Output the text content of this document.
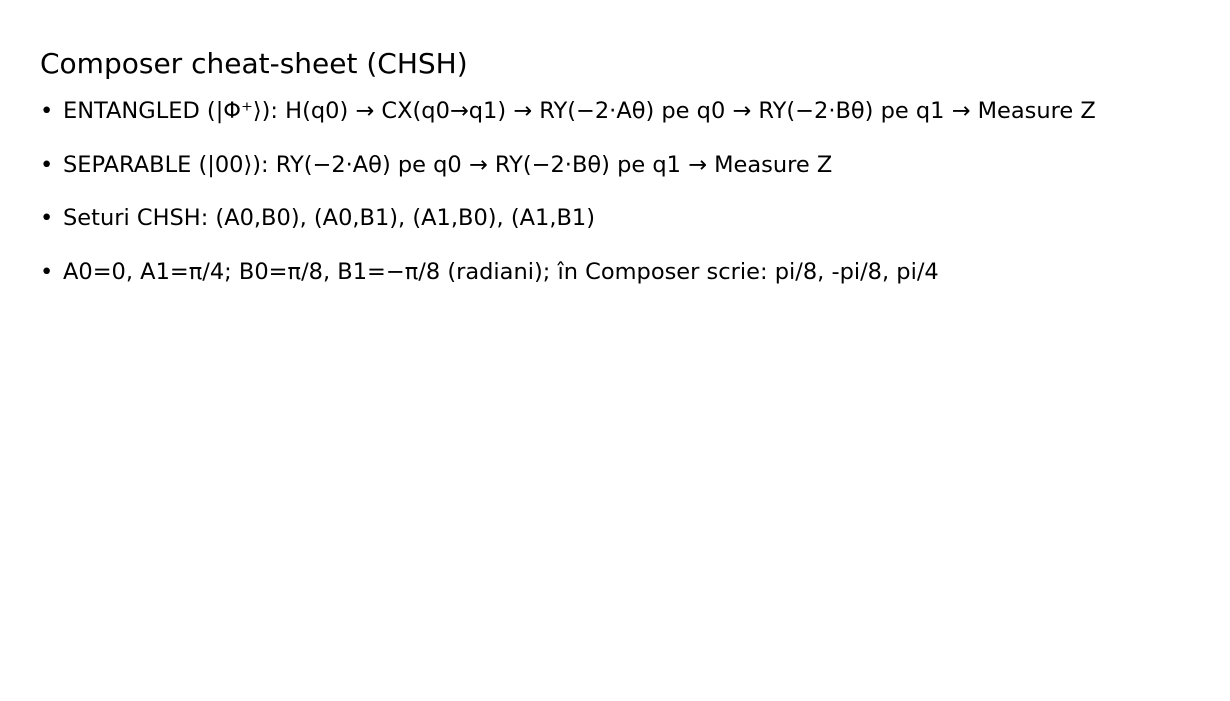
Composer cheat-sheet (CHSH)
• ENTANGLED (|Φ⁺⟩): H(q0) → CX(q0→q1) → RY(−2·Aθ) pe q0 → RY(−2·Bθ) pe q1 → Measure Z
• SEPARABLE (|00⟩): RY(−2·Aθ) pe q0 → RY(−2·Bθ) pe q1 → Measure Z
• Seturi CHSH: (A0,B0), (A0,B1), (A1,B0), (A1,B1)
• A0=0, A1=π/4; B0=π/8, B1=−π/8 (radiani); în Composer scrie: pi/8, -pi/8, pi/4
